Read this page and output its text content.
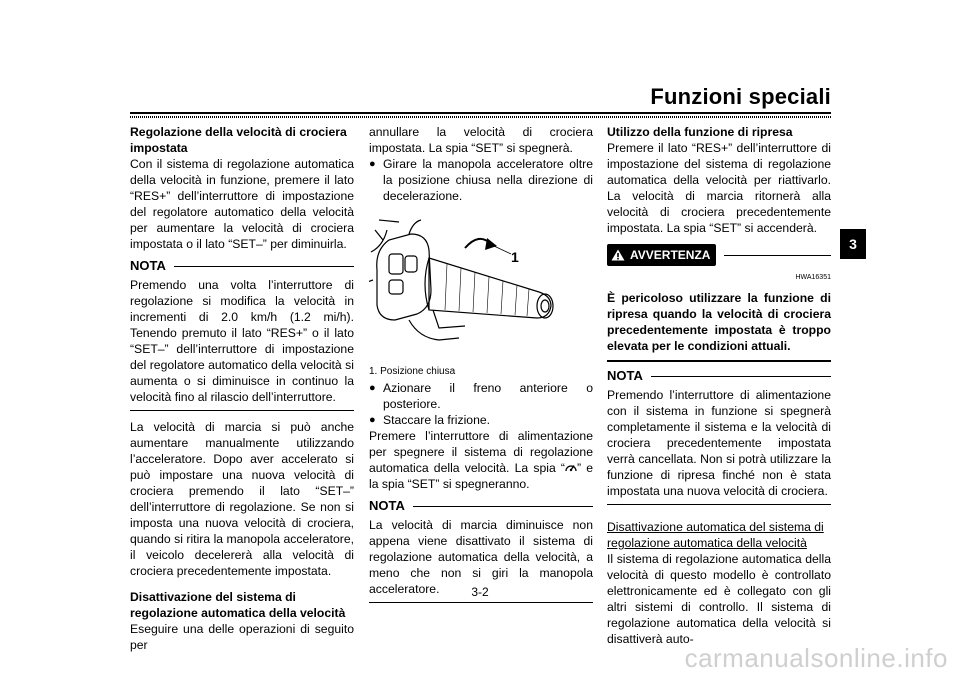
Funzioni speciali
3

Regolazione della velocità di crociera impostata

Con il sistema di regolazione automatica della velocità in funzione, premere il lato “RES+” dell’interruttore di impostazione del regolatore automatico della velocità per aumentare la velocità di crociera impostata o il lato “SET–” per diminuirla.

NOTA

Premendo una volta l’interruttore di regolazione si modifica la velocità in incrementi di 2.0 km/h (1.2 mi/h). Tenendo premuto il lato “RES+” o il lato “SET–” dell’interruttore di impostazione del regolatore automatico della velocità si aumenta o si diminuisce in continuo la velocità fino al rilascio dell’interruttore.

La velocità di marcia si può anche aumentare manualmente utilizzando l’acceleratore. Dopo aver accelerato si può impostare una nuova velocità di crociera premendo il lato “SET–” dell’interruttore di regolazione. Se non si imposta una nuova velocità di crociera, quando si ritira la manopola acceleratore, il veicolo decelererà alla velocità di crociera precedentemente impostata.

Disattivazione del sistema di regolazione automatica della velocità

Eseguire una delle operazioni di seguito per

annullare la velocità di crociera impostata. La spia “SET” si spegnerà.

● Girare la manopola acceleratore oltre la posizione chiusa nella direzione di decelerazione.
1

1. Posizione chiusa

● Azionare il freno anteriore o posteriore.
● Staccare la frizione.

Premere l’interruttore di alimentazione per spegnere il sistema di regolazione automatica della velocità. La spia “ ” e la spia “SET” si spegneranno.

NOTA

La velocità di marcia diminuisce non appena viene disattivato il sistema di regolazione automatica della velocità, a meno che non si giri la manopola acceleratore.

Utilizzo della funzione di ripresa

Premere il lato “RES+” dell’interruttore di impostazione del sistema di regolazione automatica della velocità per riattivarlo. La velocità di marcia ritornerà alla velocità di crociera precedentemente impostata. La spia “SET” si accenderà.

AVVERTENZA
HWA16351

È pericoloso utilizzare la funzione di ripresa quando la velocità di crociera precedentemente impostata è troppo elevata per le condizioni attuali.

NOTA

Premendo l’interruttore di alimentazione con il sistema in funzione si spegnerà completamente il sistema e la velocità di crociera precedentemente impostata verrà cancellata. Non si potrà utilizzare la funzione di ripresa finché non è stata impostata una nuova velocità di crociera.

Disattivazione automatica del sistema di regolazione automatica della velocità

Il sistema di regolazione automatica della velocità di questo modello è controllato elettronicamente ed è collegato con gli altri sistemi di controllo. Il sistema di regolazione automatica della velocità si disattiverà auto-

3-2
carmanualsonline.info
